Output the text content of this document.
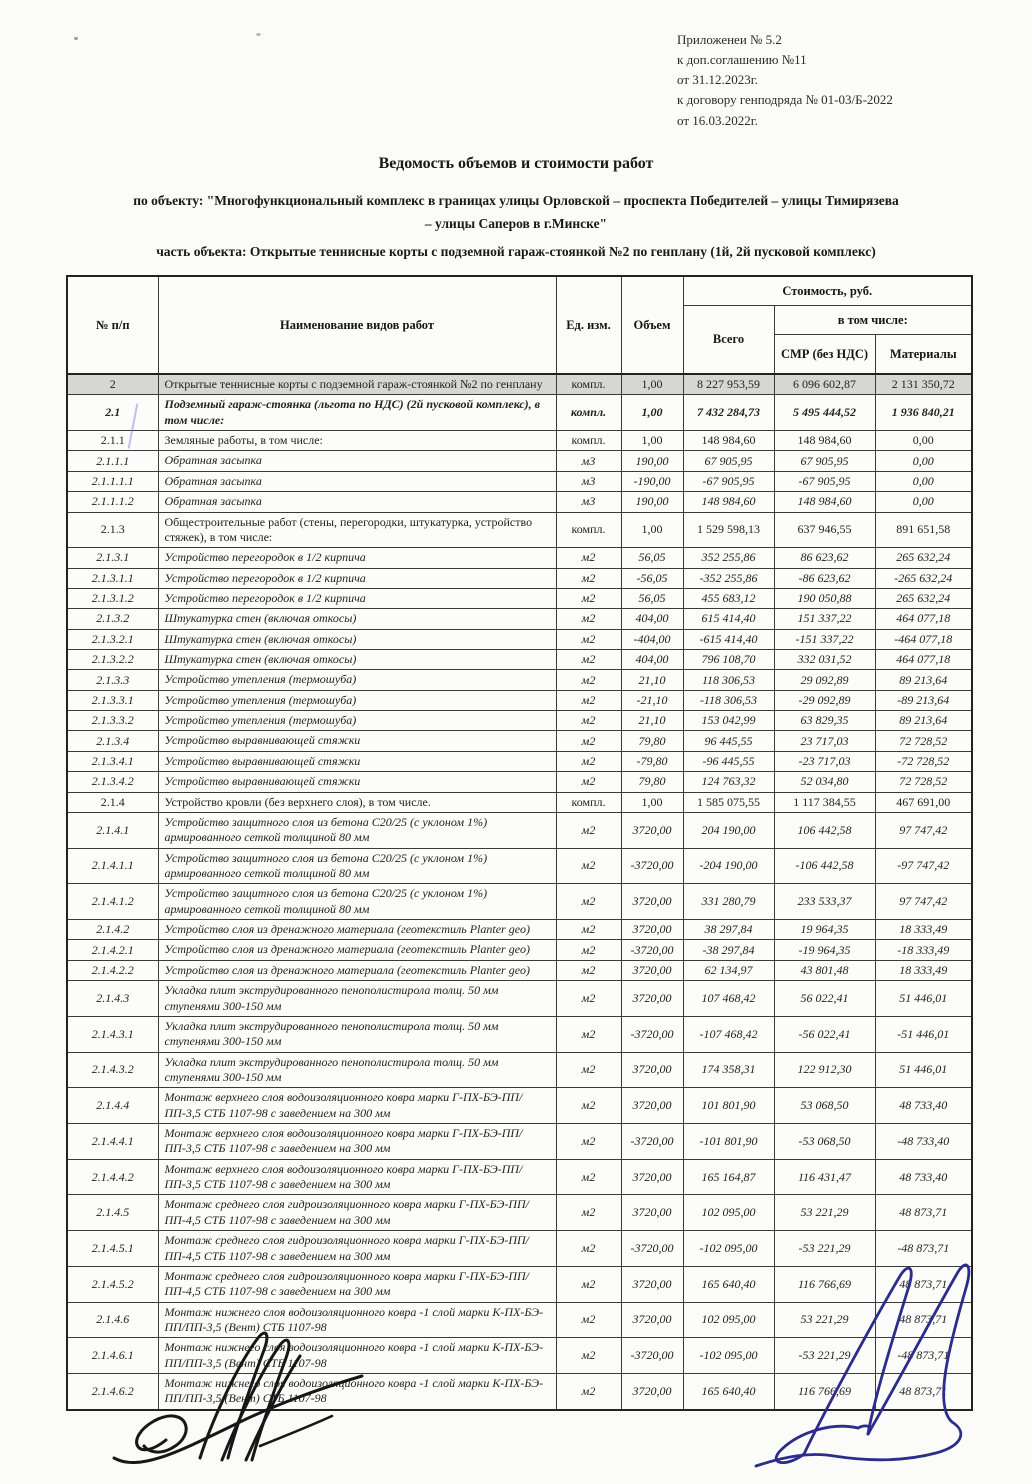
Приложенеи № 5.2
к доп.соглашению №11
от 31.12.2023г.
к договору генподряда № 01-03/Б-2022
от 16.03.2022г.
Ведомость объемов и стоимости работ
по объекту: "Многофункциональный комплекс в границах улицы Орловской – проспекта Победителей – улицы Тимирязева
– улицы Саперов в г.Минске"
часть объекта: Открытые теннисные корты с подземной гараж-стоянкой №2 по генплану (1й, 2й пусковой комплекс)
№ п/п	Наименование видов работ	Ед. изм.	Объем	Стоимость, руб.		
				Всего	в том числе:	
					СМР (без НДС)	Материалы
2	Открытые теннисные корты с подземной гараж-стоянкой №2 по генплану	компл.	1,00	8 227 953,59	6 096 602,87	2 131 350,72
2.1	Подземный гараж-стоянка (льгота по НДС) (2й пусковой комплекс), в том числе:	компл.	1,00	7 432 284,73	5 495 444,52	1 936 840,21
2.1.1	Земляные работы, в том числе:	компл.	1,00	148 984,60	148 984,60	0,00
2.1.1.1	Обратная засыпка	м3	190,00	67 905,95	67 905,95	0,00
2.1.1.1.1	Обратная засыпка	м3	-190,00	-67 905,95	-67 905,95	0,00
2.1.1.1.2	Обратная засыпка	м3	190,00	148 984,60	148 984,60	0,00
2.1.3	Общестроительные работ (стены, перегородки, штукатурка, устройство стяжек), в том числе:	компл.	1,00	1 529 598,13	637 946,55	891 651,58
2.1.3.1	Устройство перегородок в 1/2 кирпича	м2	56,05	352 255,86	86 623,62	265 632,24
2.1.3.1.1	Устройство перегородок в 1/2 кирпича	м2	-56,05	-352 255,86	-86 623,62	-265 632,24
2.1.3.1.2	Устройство перегородок в 1/2 кирпича	м2	56,05	455 683,12	190 050,88	265 632,24
2.1.3.2	Штукатурка стен (включая откосы)	м2	404,00	615 414,40	151 337,22	464 077,18
2.1.3.2.1	Штукатурка стен (включая откосы)	м2	-404,00	-615 414,40	-151 337,22	-464 077,18
2.1.3.2.2	Штукатурка стен (включая откосы)	м2	404,00	796 108,70	332 031,52	464 077,18
2.1.3.3	Устройство утепления (термошуба)	м2	21,10	118 306,53	29 092,89	89 213,64
2.1.3.3.1	Устройство утепления (термошуба)	м2	-21,10	-118 306,53	-29 092,89	-89 213,64
2.1.3.3.2	Устройство утепления (термошуба)	м2	21,10	153 042,99	63 829,35	89 213,64
2.1.3.4	Устройство выравнивающей стяжки	м2	79,80	96 445,55	23 717,03	72 728,52
2.1.3.4.1	Устройство выравнивающей стяжки	м2	-79,80	-96 445,55	-23 717,03	-72 728,52
2.1.3.4.2	Устройство выравнивающей стяжки	м2	79,80	124 763,32	52 034,80	72 728,52
2.1.4	Устройство кровли (без верхнего слоя), в том числе.	компл.	1,00	1 585 075,55	1 117 384,55	467 691,00
2.1.4.1	Устройство защитного слоя из бетона С20/25 (с уклоном 1%) армированного сеткой толщиной 80 мм	м2	3720,00	204 190,00	106 442,58	97 747,42
2.1.4.1.1	Устройство защитного слоя из бетона С20/25 (с уклоном 1%) армированного сеткой толщиной 80 мм	м2	-3720,00	-204 190,00	-106 442,58	-97 747,42
2.1.4.1.2	Устройство защитного слоя из бетона С20/25 (с уклоном 1%) армированного сеткой толщиной 80 мм	м2	3720,00	331 280,79	233 533,37	97 747,42
2.1.4.2	Устройство слоя из дренажного материала (геотекстиль Planter geo)	м2	3720,00	38 297,84	19 964,35	18 333,49
2.1.4.2.1	Устройство слоя из дренажного материала (геотекстиль Planter geo)	м2	-3720,00	-38 297,84	-19 964,35	-18 333,49
2.1.4.2.2	Устройство слоя из дренажного материала (геотекстиль Planter geo)	м2	3720,00	62 134,97	43 801,48	18 333,49
2.1.4.3	Укладка плит экструдированного пенополистирола толщ. 50 мм ступенями 300-150 мм	м2	3720,00	107 468,42	56 022,41	51 446,01
2.1.4.3.1	Укладка плит экструдированного пенополистирола толщ. 50 мм ступенями 300-150 мм	м2	-3720,00	-107 468,42	-56 022,41	-51 446,01
2.1.4.3.2	Укладка плит экструдированного пенополистирола толщ. 50 мм ступенями 300-150 мм	м2	3720,00	174 358,31	122 912,30	51 446,01
2.1.4.4	Монтаж верхнего слоя водоизоляционного ковра марки Г-ПХ-БЭ-ПП/ПП-3,5 СТБ 1107-98 с заведением на 300 мм	м2	3720,00	101 801,90	53 068,50	48 733,40
2.1.4.4.1	Монтаж верхнего слоя водоизоляционного ковра марки Г-ПХ-БЭ-ПП/ПП-3,5 СТБ 1107-98 с заведением на 300 мм	м2	-3720,00	-101 801,90	-53 068,50	-48 733,40
2.1.4.4.2	Монтаж верхнего слоя водоизоляционного ковра марки Г-ПХ-БЭ-ПП/ПП-3,5 СТБ 1107-98 с заведением на 300 мм	м2	3720,00	165 164,87	116 431,47	48 733,40
2.1.4.5	Монтаж среднего слоя гидроизоляционного ковра марки Г-ПХ-БЭ-ПП/ПП-4,5 СТБ 1107-98 с заведением на 300 мм	м2	3720,00	102 095,00	53 221,29	48 873,71
2.1.4.5.1	Монтаж среднего слоя гидроизоляционного ковра марки Г-ПХ-БЭ-ПП/ПП-4,5 СТБ 1107-98 с заведением на 300 мм	м2	-3720,00	-102 095,00	-53 221,29	-48 873,71
2.1.4.5.2	Монтаж среднего слоя гидроизоляционного ковра марки Г-ПХ-БЭ-ПП/ПП-4,5 СТБ 1107-98 с заведением на 300 мм	м2	3720,00	165 640,40	116 766,69	48 873,71
2.1.4.6	Монтаж нижнего слоя водоизоляционного ковра -1 слой марки К-ПХ-БЭ-ПП/ПП-3,5 (Вент) СТБ 1107-98	м2	3720,00	102 095,00	53 221,29	48 873,71
2.1.4.6.1	Монтаж нижнего слоя водоизоляционного ковра -1 слой марки К-ПХ-БЭ-ПП/ПП-3,5 (Вент) СТБ 1107-98	м2	-3720,00	-102 095,00	-53 221,29	-48 873,71
2.1.4.6.2	Монтаж нижнего слоя водоизоляционного ковра -1 слой марки К-ПХ-БЭ-ПП/ПП-3,5 (Вент) СТБ 1107-98	м2	3720,00	165 640,40	116 766,69	48 873,71
